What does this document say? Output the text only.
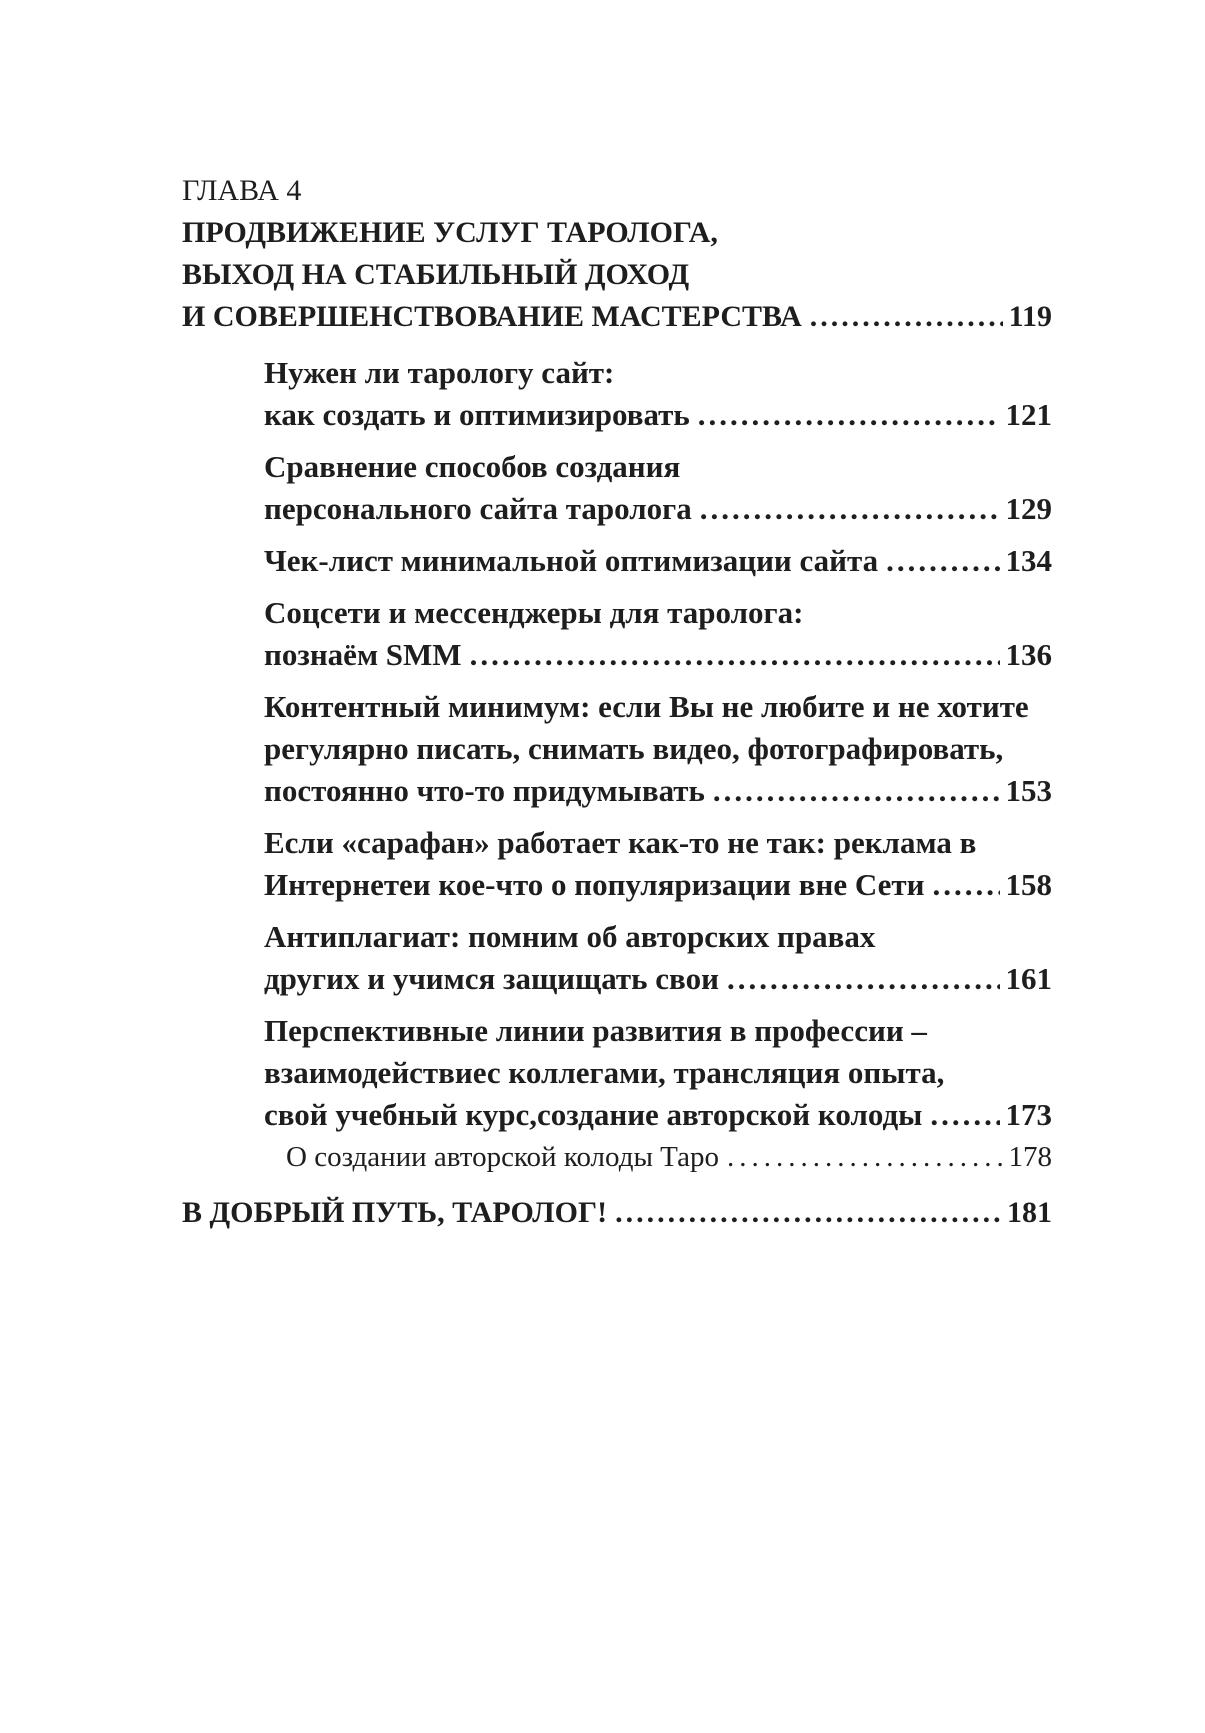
ГЛАВА 4
ПРОДВИЖЕНИЕ УСЛУГ ТАРОЛОГА,
ВЫХОД НА СТАБИЛЬНЫЙ ДОХОД
И СОВЕРШЕНСТВОВАНИЕ МАСТЕРСТВА .....	119
Нужен ли тарологу сайт:
как создать и оптимизировать .....	121
Сравнение способов создания
персонального сайта таролога .....	129
Чек-лист минимальной оптимизации сайта .....	134
Соцсети и мессенджеры для таролога:
познаём SMM .....	136
Контентный минимум: если Вы не любите и не хотите
регулярно писать, снимать видео, фотографировать,
постоянно что-то придумывать .....	153
Если «сарафан» работает как-то не так: реклама в
Интернетеи кое-что о популяризации вне Сети .....	158
Антиплагиат: помним об авторских правах
других и учимся защищать свои .....	161
Перспективные линии развития в профессии –
взаимодействиес коллегами, трансляция опыта,
свой учебный курс,создание авторской колоды .....	173
О создании авторской колоды Таро .....	178
В ДОБРЫЙ ПУТЬ, ТАРОЛОГ! .....	181
